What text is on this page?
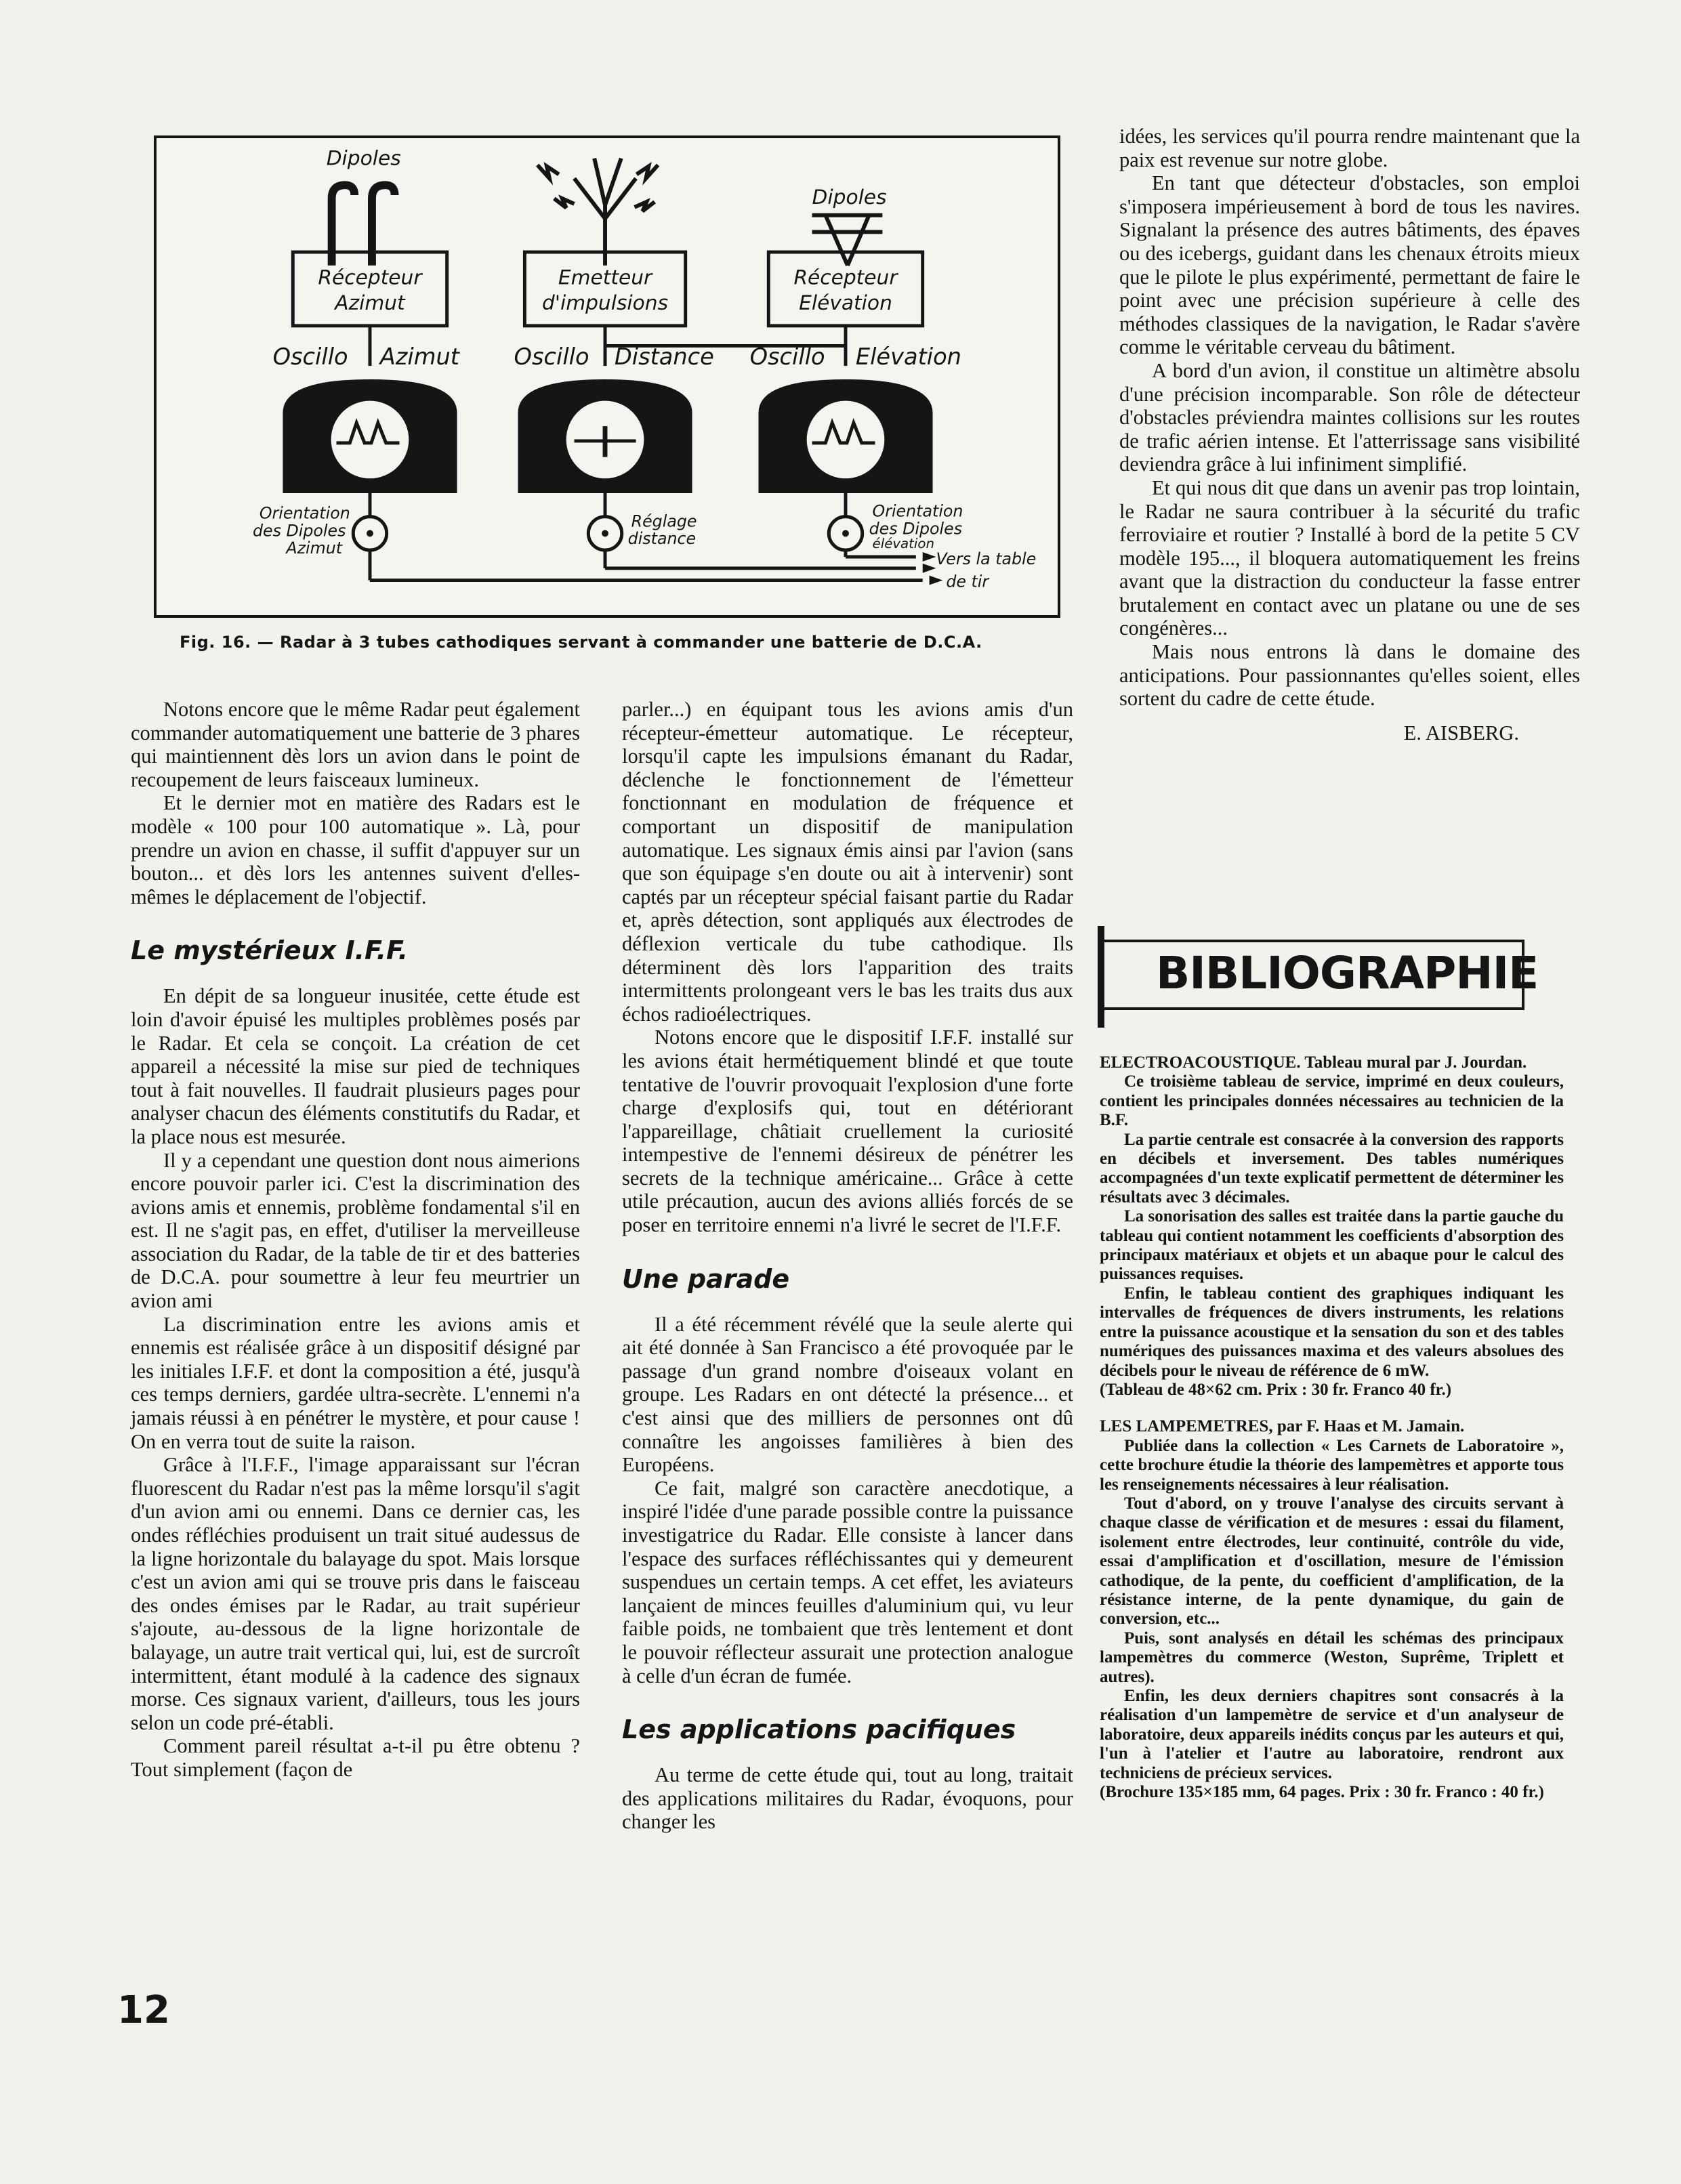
Dipoles
Dipoles
Récepteur
Azimut
Emetteur
d'impulsions
Récepteur
Elévation
Oscillo Azimut Oscillo Distance Oscillo Elévation
Orientation
des Dipoles
Azimut
Réglage
distance
Orientation
des Dipoles
élévation
Vers la table
de tir
Fig. 16. — Radar à 3 tubes cathodiques servant à commander une batterie de D.C.A.

Notons encore que le même Radar peut également commander automatiquement une batterie de 3 phares qui maintiennent dès lors un avion dans le point de recoupement de leurs faisceaux lumineux.

Et le dernier mot en matière des Radars est le modèle « 100 pour 100 automatique ». Là, pour prendre un avion en chasse, il suffit d'appuyer sur un bouton... et dès lors les antennes suivent d'elles-mêmes le déplacement de l'objectif.

Le mystérieux I.F.F.

En dépit de sa longueur inusitée, cette étude est loin d'avoir épuisé les multiples problèmes posés par le Radar. Et cela se conçoit. La création de cet appareil a nécessité la mise sur pied de techniques tout à fait nouvelles. Il faudrait plusieurs pages pour analyser chacun des éléments constitutifs du Radar, et la place nous est mesurée.

Il y a cependant une question dont nous aimerions encore pouvoir parler ici. C'est la discrimination des avions amis et ennemis, problème fondamental s'il en est. Il ne s'agit pas, en effet, d'utiliser la merveilleuse association du Radar, de la table de tir et des batteries de D.C.A. pour soumettre à leur feu meurtrier un avion ami

La discrimination entre les avions amis et ennemis est réalisée grâce à un dispositif désigné par les initiales I.F.F. et dont la composition a été, jusqu'à ces temps derniers, gardée ultra-secrète. L'ennemi n'a jamais réussi à en pénétrer le mystère, et pour cause ! On en verra tout de suite la raison.

Grâce à l'I.F.F., l'image apparaissant sur l'écran fluorescent du Radar n'est pas la même lorsqu'il s'agit d'un avion ami ou ennemi. Dans ce dernier cas, les ondes réfléchies produisent un trait situé audessus de la ligne horizontale du balayage du spot. Mais lorsque c'est un avion ami qui se trouve pris dans le faisceau des ondes émises par le Radar, au trait supérieur s'ajoute, au-dessous de la ligne horizontale de balayage, un autre trait vertical qui, lui, est de surcroît intermittent, étant modulé à la cadence des signaux morse. Ces signaux varient, d'ailleurs, tous les jours selon un code pré-établi.

Comment pareil résultat a-t-il pu être obtenu ? Tout simplement (façon de

parler...) en équipant tous les avions amis d'un récepteur-émetteur automatique. Le récepteur, lorsqu'il capte les impulsions émanant du Radar, déclenche le fonctionnement de l'émetteur fonctionnant en modulation de fréquence et comportant un dispositif de manipulation automatique. Les signaux émis ainsi par l'avion (sans que son équipage s'en doute ou ait à intervenir) sont captés par un récepteur spécial faisant partie du Radar et, après détection, sont appliqués aux électrodes de déflexion verticale du tube cathodique. Ils déterminent dès lors l'apparition des traits intermittents prolongeant vers le bas les traits dus aux échos radioélectriques.

Notons encore que le dispositif I.F.F. installé sur les avions était hermétiquement blindé et que toute tentative de l'ouvrir provoquait l'explosion d'une forte charge d'explosifs qui, tout en détériorant l'appareillage, châtiait cruellement la curiosité intempestive de l'ennemi désireux de pénétrer les secrets de la technique américaine... Grâce à cette utile précaution, aucun des avions alliés forcés de se poser en territoire ennemi n'a livré le secret de l'I.F.F.

Une parade

Il a été récemment révélé que la seule alerte qui ait été donnée à San Francisco a été provoquée par le passage d'un grand nombre d'oiseaux volant en groupe. Les Radars en ont détecté la présence... et c'est ainsi que des milliers de personnes ont dû connaître les angoisses familières à bien des Européens.

Ce fait, malgré son caractère anecdotique, a inspiré l'idée d'une parade possible contre la puissance investigatrice du Radar. Elle consiste à lancer dans l'espace des surfaces réfléchissantes qui y demeurent suspendues un certain temps. A cet effet, les aviateurs lançaient de minces feuilles d'aluminium qui, vu leur faible poids, ne tombaient que très lentement et dont le pouvoir réflecteur assurait une protection analogue à celle d'un écran de fumée.

Les applications pacifiques

Au terme de cette étude qui, tout au long, traitait des applications militaires du Radar, évoquons, pour changer les

idées, les services qu'il pourra rendre maintenant que la paix est revenue sur notre globe.

En tant que détecteur d'obstacles, son emploi s'imposera impérieusement à bord de tous les navires. Signalant la présence des autres bâtiments, des épaves ou des icebergs, guidant dans les chenaux étroits mieux que le pilote le plus expérimenté, permettant de faire le point avec une précision supérieure à celle des méthodes classiques de la navigation, le Radar s'avère comme le véritable cerveau du bâtiment.

A bord d'un avion, il constitue un altimètre absolu d'une précision incomparable. Son rôle de détecteur d'obstacles préviendra maintes collisions sur les routes de trafic aérien intense. Et l'atterrissage sans visibilité deviendra grâce à lui infiniment simplifié.

Et qui nous dit que dans un avenir pas trop lointain, le Radar ne saura contribuer à la sécurité du trafic ferroviaire et routier ? Installé à bord de la petite 5 CV modèle 195..., il bloquera automatiquement les freins avant que la distraction du conducteur la fasse entrer brutalement en contact avec un platane ou une de ses congénères...

Mais nous entrons là dans le domaine des anticipations. Pour passionnantes qu'elles soient, elles sortent du cadre de cette étude.

E. AISBERG.

BIBLIOGRAPHIE

ELECTROACOUSTIQUE. Tableau mural par J. Jourdan.

Ce troisième tableau de service, imprimé en deux couleurs, contient les principales données nécessaires au technicien de la B.F.

La partie centrale est consacrée à la conversion des rapports en décibels et inversement. Des tables numériques accompagnées d'un texte explicatif permettent de déterminer les résultats avec 3 décimales.

La sonorisation des salles est traitée dans la partie gauche du tableau qui contient notamment les coefficients d'absorption des principaux matériaux et objets et un abaque pour le calcul des puissances requises.

Enfin, le tableau contient des graphiques indiquant les intervalles de fréquences de divers instruments, les relations entre la puissance acoustique et la sensation du son et des tables numériques des puissances maxima et des valeurs absolues des décibels pour le niveau de référence de 6 mW.

(Tableau de 48×62 cm. Prix : 30 fr. Franco 40 fr.)

LES LAMPEMETRES, par F. Haas et M. Jamain.

Publiée dans la collection « Les Carnets de Laboratoire », cette brochure étudie la théorie des lampemètres et apporte tous les renseignements nécessaires à leur réalisation.

Tout d'abord, on y trouve l'analyse des circuits servant à chaque classe de vérification et de mesures : essai du filament, isolement entre électrodes, leur continuité, contrôle du vide, essai d'amplification et d'oscillation, mesure de l'émission cathodique, de la pente, du coefficient d'amplification, de la résistance interne, de la pente dynamique, du gain de conversion, etc...

Puis, sont analysés en détail les schémas des principaux lampemètres du commerce (Weston, Suprême, Triplett et autres).

Enfin, les deux derniers chapitres sont consacrés à la réalisation d'un lampemètre de service et d'un analyseur de laboratoire, deux appareils inédits conçus par les auteurs et qui, l'un à l'atelier et l'autre au laboratoire, rendront aux techniciens de précieux services.

(Brochure 135×185 mm, 64 pages. Prix : 30 fr. Franco : 40 fr.)

12
